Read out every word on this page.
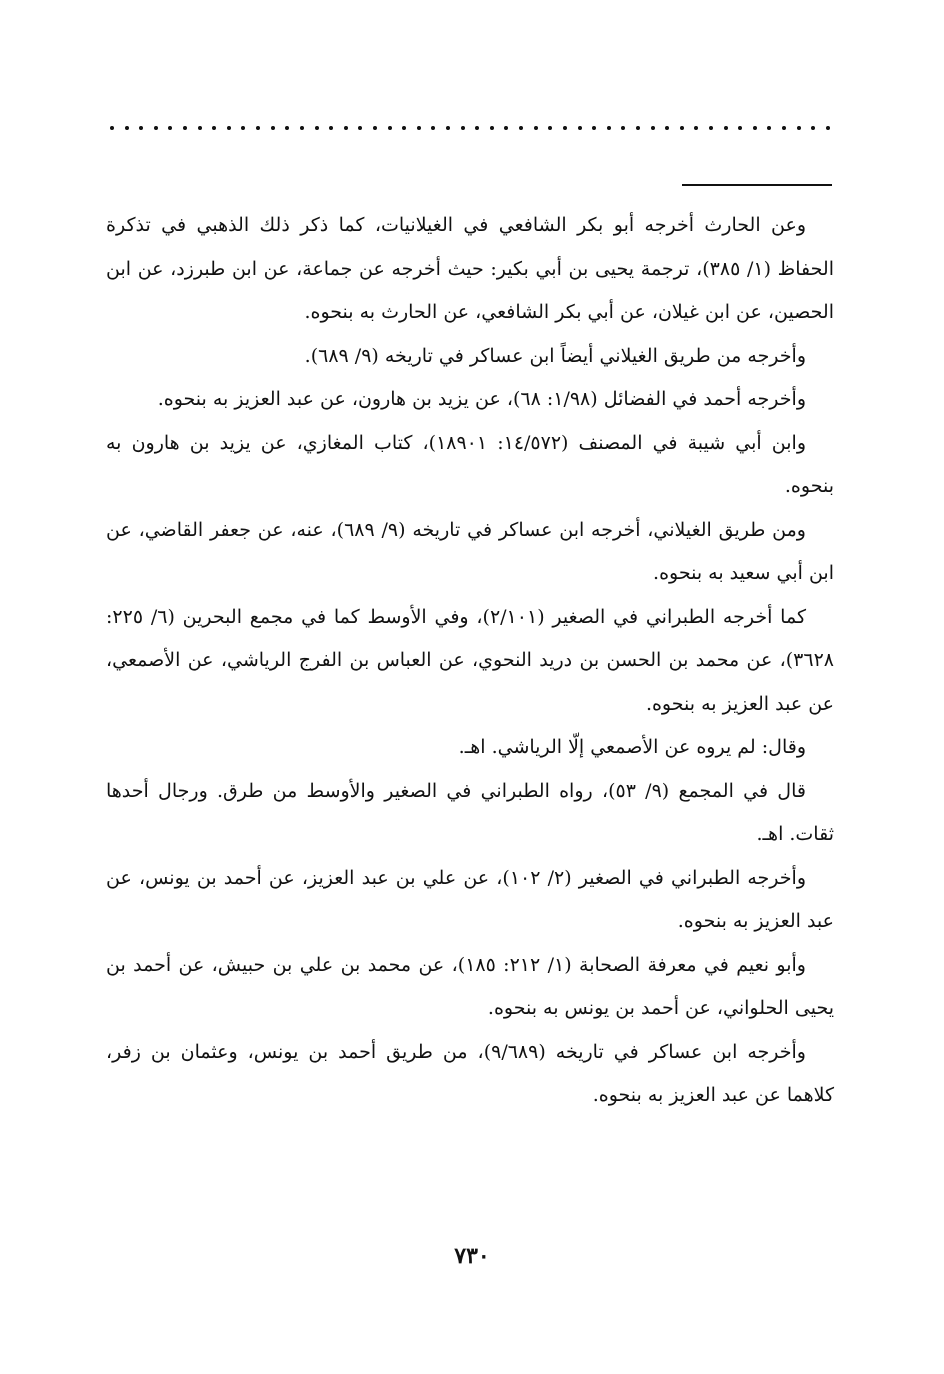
وعن الحارث أخرجه أبو بكر الشافعي في الغيلانيات، كما ذكر ذلك الذهبي في تذكرة الحفاظ (١/ ٣٨٥)، ترجمة يحيى بن أبي بكير: حيث أخرجه عن جماعة، عن ابن طبرزد، عن ابن الحصين، عن ابن غيلان، عن أبي بكر الشافعي، عن الحارث به بنحوه.

وأخرجه من طريق الغيلاني أيضاً ابن عساكر في تاريخه (٩/ ٦٨٩).

وأخرجه أحمد في الفضائل (١/٩٨: ٦٨)، عن يزيد بن هارون، عن عبد العزيز به بنحوه.

وابن أبي شيبة في المصنف (١٤/٥٧٢: ١٨٩٠١)، كتاب المغازي، عن يزيد بن هارون به بنحوه.

ومن طريق الغيلاني، أخرجه ابن عساكر في تاريخه (٩/ ٦٨٩)، عنه، عن جعفر القاضي، عن ابن أبي سعيد به بنحوه.

كما أخرجه الطبراني في الصغير (٢/١٠١)، وفي الأوسط كما في مجمع البحرين (٦/ ٢٢٥: ٣٦٢٨)، عن محمد بن الحسن بن دريد النحوي، عن العباس بن الفرج الرياشي، عن الأصمعي، عن عبد العزيز به بنحوه.

وقال: لم يروه عن الأصمعي إلّا الرياشي. اهـ.

قال في المجمع (٩/ ٥٣)، رواه الطبراني في الصغير والأوسط من طرق. ورجال أحدها ثقات. اهـ.

وأخرجه الطبراني في الصغير (٢/ ١٠٢)، عن علي بن عبد العزيز، عن أحمد بن يونس، عن عبد العزيز به بنحوه.

وأبو نعيم في معرفة الصحابة (١/ ٢١٢: ١٨٥)، عن محمد بن علي بن حبيش، عن أحمد بن يحيى الحلواني، عن أحمد بن يونس به بنحوه.

وأخرجه ابن عساكر في تاريخه (٩/٦٨٩)، من طريق أحمد بن يونس، وعثمان بن زفر، كلاهما عن عبد العزيز به بنحوه.

٧٣٠
